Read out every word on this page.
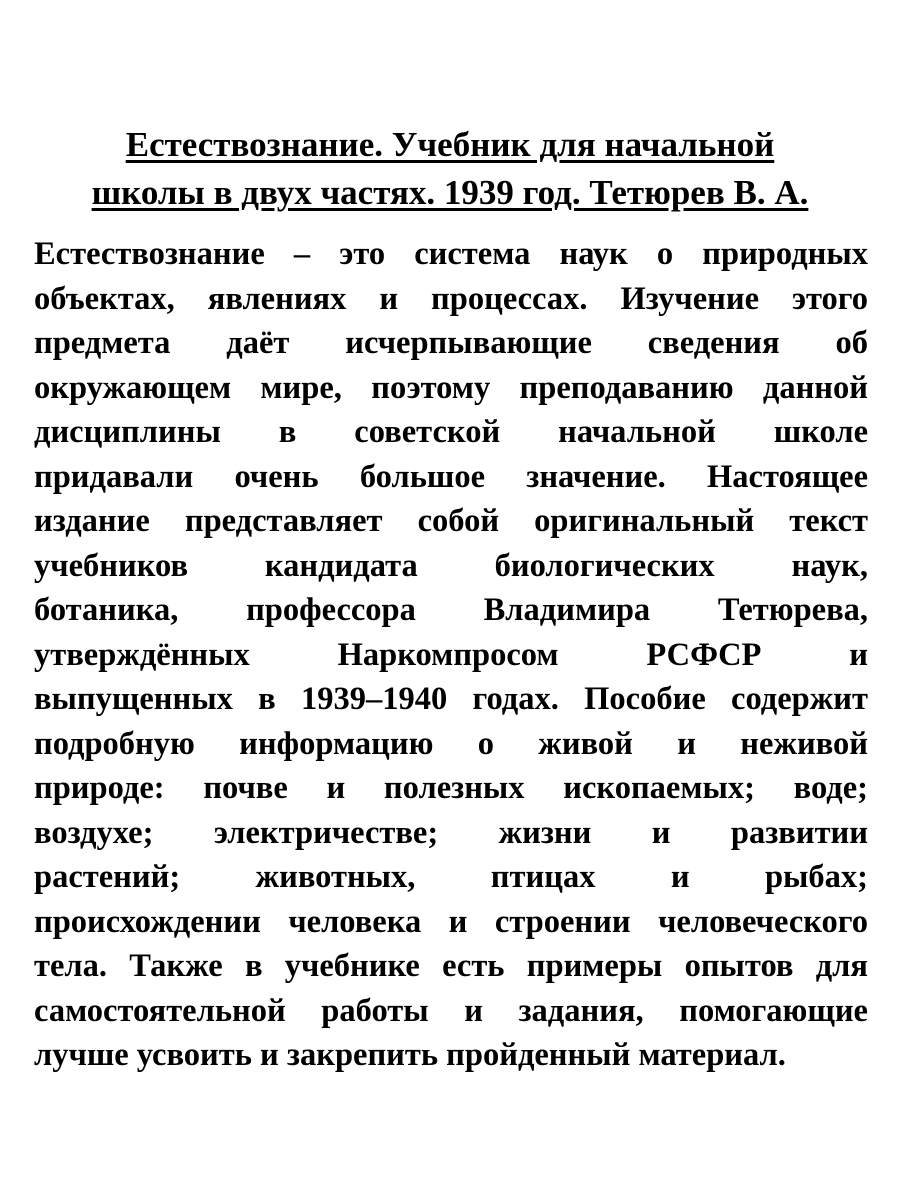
Естествознание. Учебник для начальной
школы в двух частях. 1939 год. Тетюрев В. А.
Естествознание – это система наук о природных
объектах, явлениях и процессах. Изучение этого
предмета даёт исчерпывающие сведения об
окружающем мире, поэтому преподаванию данной
дисциплины в советской начальной школе
придавали очень большое значение. Настоящее
издание представляет собой оригинальный текст
учебников кандидата биологических наук,
ботаника, профессора Владимира Тетюрева,
утверждённых Наркомпросом РСФСР и
выпущенных в 1939–1940 годах. Пособие содержит
подробную информацию о живой и неживой
природе: почве и полезных ископаемых; воде;
воздухе; электричестве; жизни и развитии
растений; животных, птицах и рыбах;
происхождении человека и строении человеческого
тела. Также в учебнике есть примеры опытов для
самостоятельной работы и задания, помогающие
лучше усвоить и закрепить пройденный материал.
